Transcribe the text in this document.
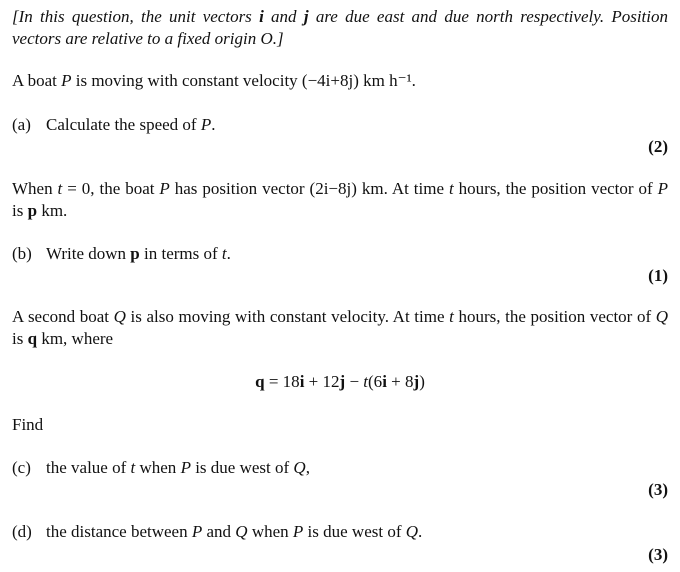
[In this question, the unit vectors i and j are due east and due north respectively. Position vectors are relative to a fixed origin O.]
A boat P is moving with constant velocity (−4i+8j) km h⁻¹.
(a) Calculate the speed of P.
(2)
When t = 0, the boat P has position vector (2i−8j) km. At time t hours, the position vector of P is p km.
(b) Write down p in terms of t.
(1)
A second boat Q is also moving with constant velocity. At time t hours, the position vector of Q is q km, where
q = 18i + 12j − t(6i + 8j)
Find
(c) the value of t when P is due west of Q,
(3)
(d) the distance between P and Q when P is due west of Q.
(3)
